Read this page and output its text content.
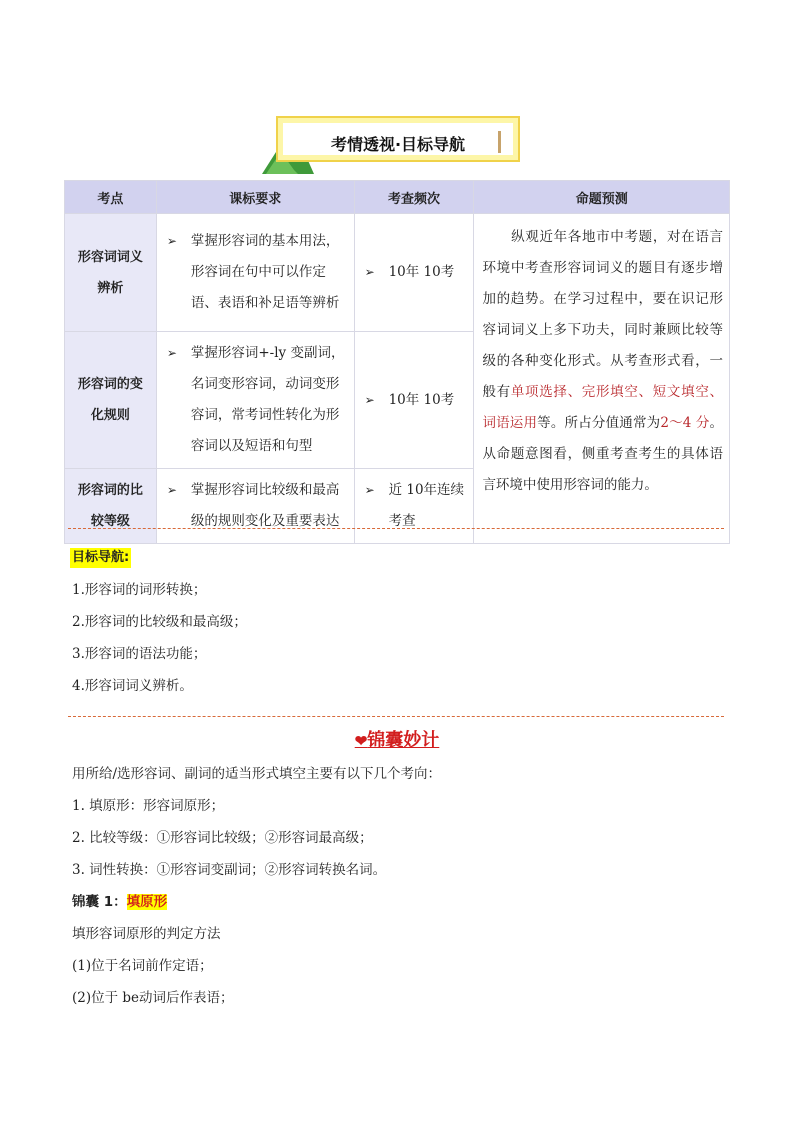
考情透视·目标导航
考点	课标要求	考查频次	命题预测
形容词词义
辨析	➢ 掌握形容词的基本用法，形容词在句中可以作定语、表语和补足语等辨析	➢ 10年 10考	纵观近年各地市中考题，对在语言环境中考查形容词词义的题目有逐步增加的趋势。在学习过程中，要在识记形容词词义上多下功夫，同时兼顾比较等级的各种变化形式。从考查形式看，一般有单项选择、完形填空、短文填空、词语运用等。所占分值通常为2～4 分。从命题意图看，侧重考查考生的具体语言环境中使用形容词的能力。
形容词的变
化规则	➢ 掌握形容词+-ly 变副词，名词变形容词，动词变形容词，常考词性转化为形容词以及短语和句型	➢ 10年 10考	

形容词的比
较等级	➢ 掌握形容词比较级和最高级的规则变化及重要表达	➢ 近 10年连续考查	
目标导航:
1.形容词的词形转换；
2.形容词的比较级和最高级；
3.形容词的语法功能；
4.形容词词义辨析。
❤锦囊妙计
用所给/选形容词、副词的适当形式填空主要有以下几个考向：
1. 填原形：形容词原形；
2. 比较等级：①形容词比较级；②形容词最高级；
3. 词性转换：①形容词变副词；②形容词转换名词。
锦囊 1：填原形
填形容词原形的判定方法
(1)位于名词前作定语；
(2)位于 be动词后作表语；
